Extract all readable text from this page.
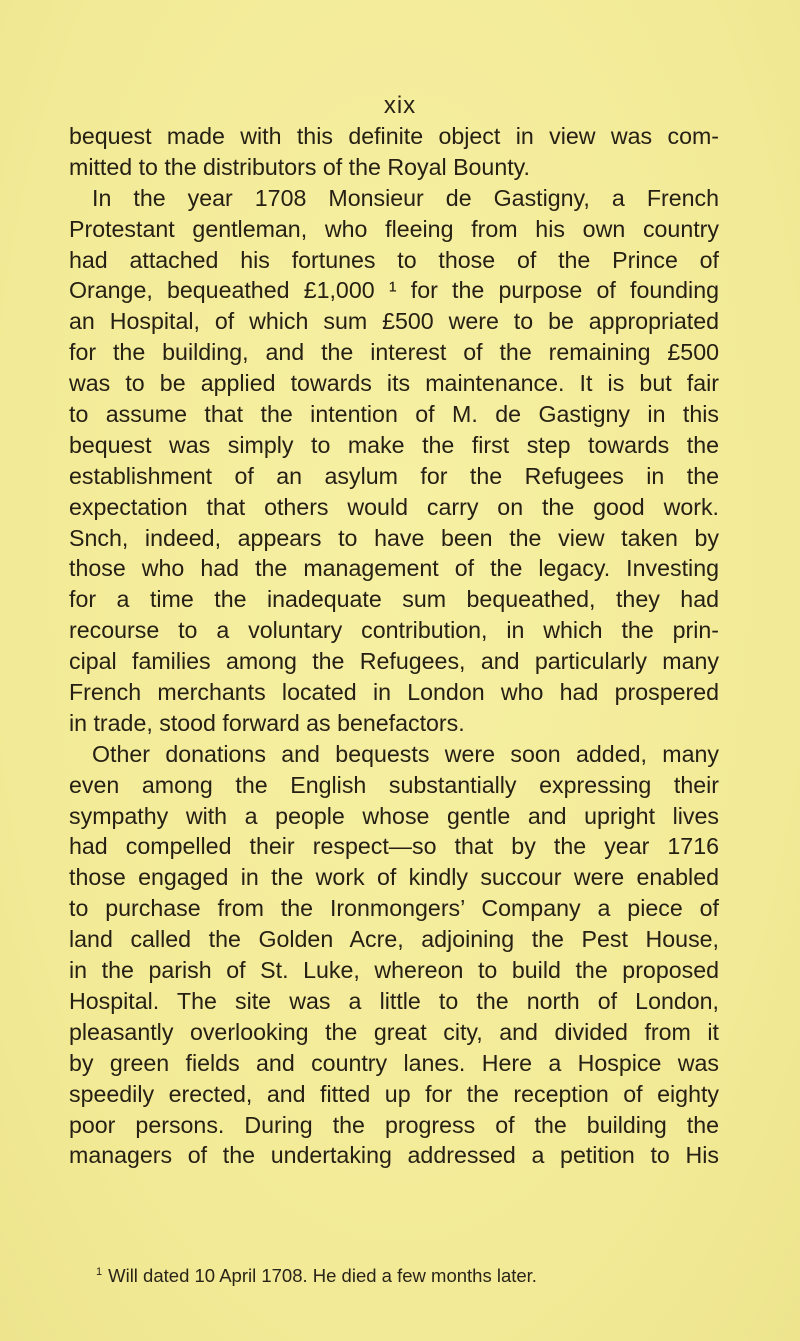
xix
bequest made with this definite object in view was com-
mitted to the distributors of the Royal Bounty.
In the year 1708 Monsieur de Gastigny, a French
Protestant gentleman, who fleeing from his own country
had attached his fortunes to those of the Prince of
Orange, bequeathed £1,000 ¹ for the purpose of founding
an Hospital, of which sum £500 were to be appropriated
for the building, and the interest of the remaining £500
was to be applied towards its maintenance. It is but fair
to assume that the intention of M. de Gastigny in this
bequest was simply to make the first step towards the
establishment of an asylum for the Refugees in the
expectation that others would carry on the good work.
Snch, indeed, appears to have been the view taken by
those who had the management of the legacy. Investing
for a time the inadequate sum bequeathed, they had
recourse to a voluntary contribution, in which the prin-
cipal families among the Refugees, and particularly many
French merchants located in London who had prospered
in trade, stood forward as benefactors.
Other donations and bequests were soon added, many
even among the English substantially expressing their
sympathy with a people whose gentle and upright lives
had compelled their respect—so that by the year 1716
those engaged in the work of kindly succour were enabled
to purchase from the Ironmongers’ Company a piece of
land called the Golden Acre, adjoining the Pest House,
in the parish of St. Luke, whereon to build the proposed
Hospital. The site was a little to the north of London,
pleasantly overlooking the great city, and divided from it
by green fields and country lanes. Here a Hospice was
speedily erected, and fitted up for the reception of eighty
poor persons. During the progress of the building the
managers of the undertaking addressed a petition to His
$^1$ Will dated 10 April 1708. He died a few months later.
